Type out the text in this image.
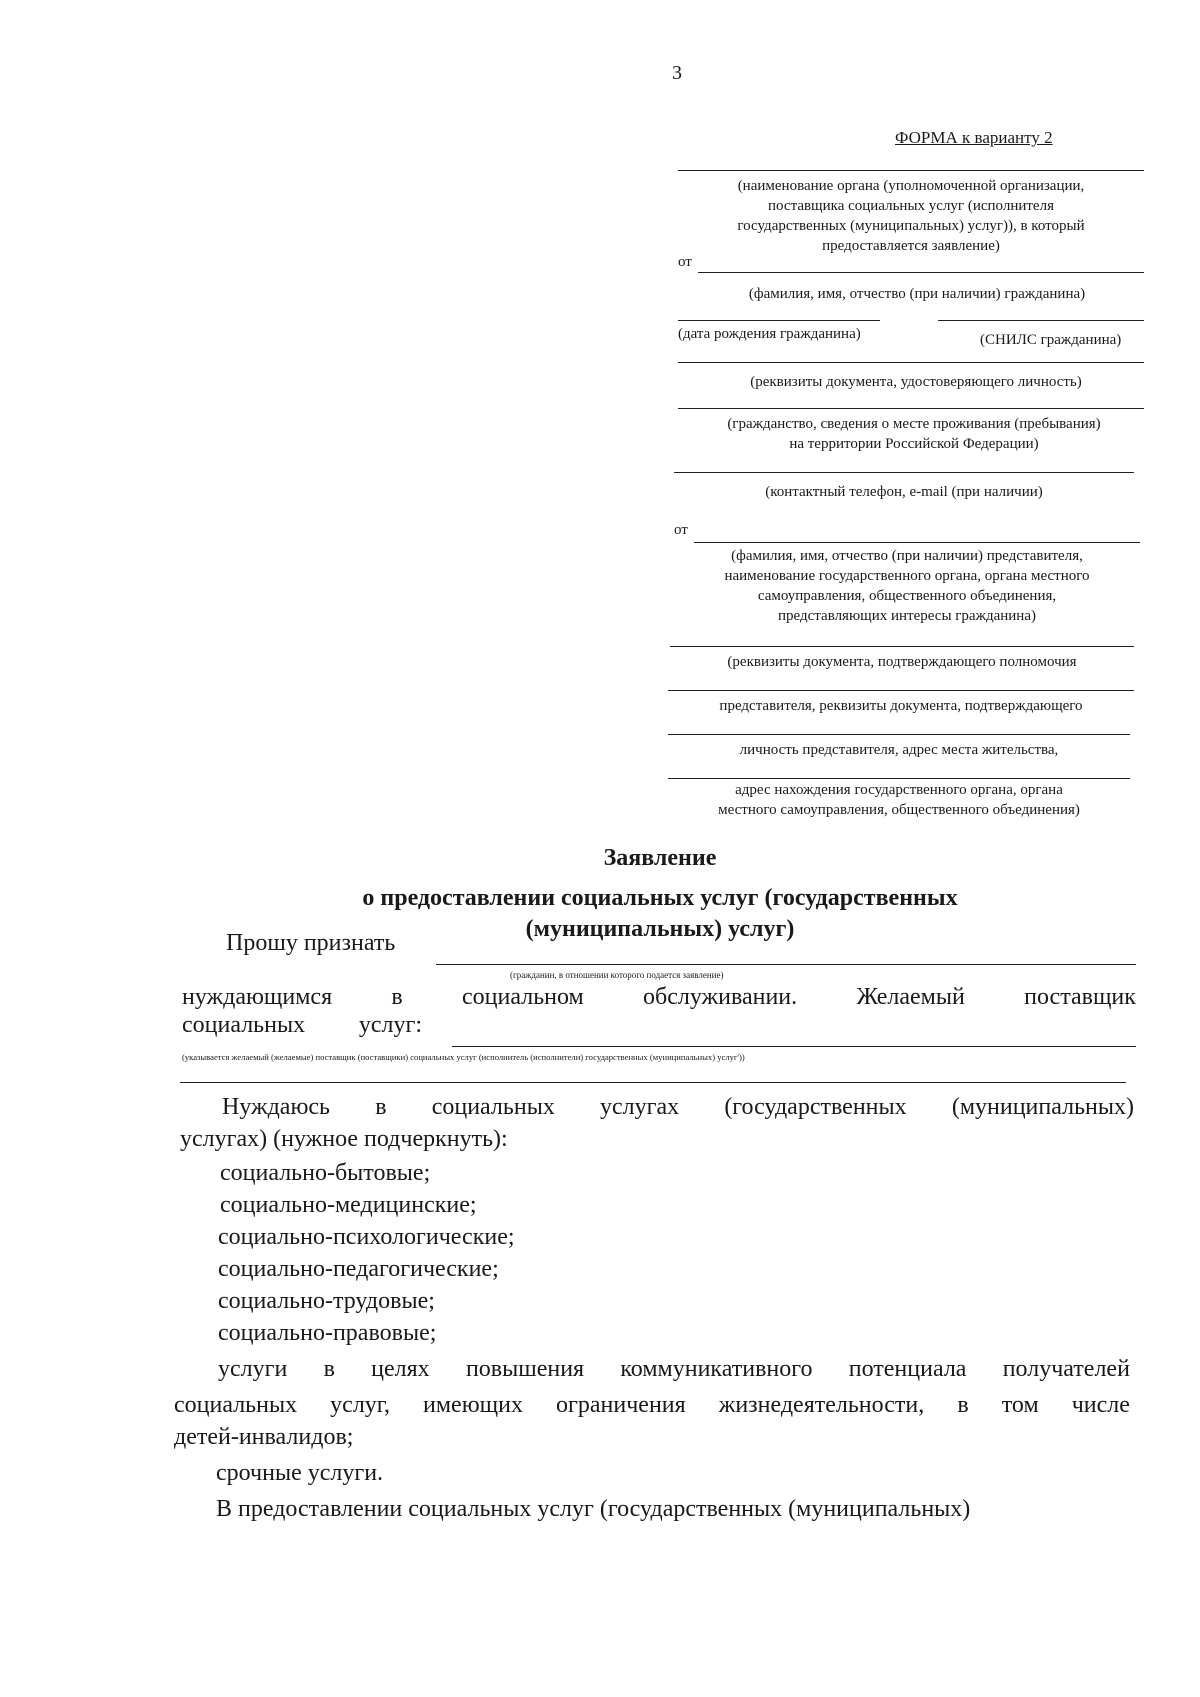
3
ФОРМА к варианту 2
(наименование органа (уполномоченной организации,
поставщика социальных услуг (исполнителя
государственных (муниципальных) услуг)), в который
предоставляется заявление)
от
(фамилия, имя, отчество (при наличии) гражданина)
(дата рождения гражданина)	(СНИЛС гражданина)
(реквизиты документа, удостоверяющего личность)
(гражданство, сведения о месте проживания (пребывания)
на территории Российской Федерации)
(контактный телефон, e-mail (при наличии)
от
(фамилия, имя, отчество (при наличии) представителя,
наименование государственного органа, органа местного
самоуправления, общественного объединения,
представляющих интересы гражданина)
(реквизиты документа, подтверждающего полномочия
представителя, реквизиты документа, подтверждающего
личность представителя, адрес места жительства,
адрес нахождения государственного органа, органа
местного самоуправления, общественного объединения)
Заявление
о предоставлении социальных услуг (государственных
(муниципальных) услуг)
Прошу признать
(гражданин, в отношении которого подается заявление)
нуждающимся в социальном обслуживании. Желаемый поставщик
социальных услуг:
(указывается желаемый (желаемые) поставщик (поставщики) социальных услуг (исполнитель (исполнители) государственных (муниципальных) услуг'))
Нуждаюсь в социальных услугах (государственных (муниципальных)
услугах) (нужное подчеркнуть):
социально-бытовые;
социально-медицинские;
социально-психологические;
социально-педагогические;
социально-трудовые;
социально-правовые;
услуги в целях повышения коммуникативного потенциала получателей
социальных услуг, имеющих ограничения жизнедеятельности, в том числе
детей-инвалидов;
срочные услуги.
В предоставлении социальных услуг (государственных (муниципальных)
